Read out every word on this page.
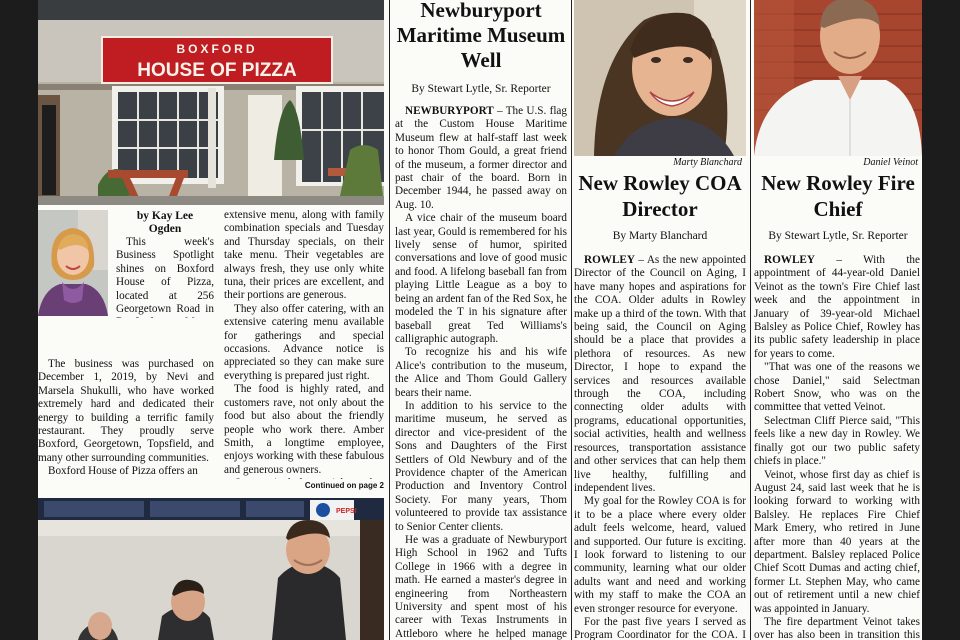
BOXFORD
HOUSE OF PIZZA
by Kay Lee
Ogden

This week's Business Spotlight shines on Boxford House of Pizza, located at 256 Georgetown Road in

The business was purchased on December 1, 2019, by Nevi and Marsela Shukulli, who have worked extremely hard and dedicated their energy to building a terrific family restaurant. They proudly serve Boxford, Georgetown, Topsfield, and many other surrounding communities.

Boxford House of Pizza offers an

extensive menu, along with family combination specials and Tuesday and Thursday specials, on their take menu. Their vegetables are always fresh, they use only white tuna, their prices are excellent, and their portions are generous.

They also offer catering, with an extensive catering menu available for gatherings and special occasions. Advance notice is appreciated so they can make sure everything is prepared just right.

The food is highly rated, and customers rave, not only about the food but also about the friendly people who work there. Amber Smith, a longtime employee, enjoys working with these fabulous and generous owners.

Continued on page 2
PEPSI
Newburyport Maritime Museum Well
By Stewart Lytle, Sr. Reporter

NEWBURYPORT – The U.S. flag at the Custom House Maritime Museum flew at half-staff last week to honor Thom Gould, a great friend of the museum, a former director and past chair of the board. Born in December 1944, he passed away on Aug. 10.

A vice chair of the museum board last year, Gould is remembered for his lively sense of humor, spirited conversations and love of good music and food. A lifelong baseball fan from playing Little League as a boy to being an ardent fan of the Red Sox, he modeled the T in his signature after baseball great Ted Williams's calligraphic autograph.

To recognize his and his wife Alice's contribution to the museum, the Alice and Thom Gould Gallery bears their name.

In addition to his service to the maritime museum, he served as director and vice-president of the Sons and Daughters of the First Settlers of Old Newbury and of the Providence chapter of the American Production and Inventory Control Society. For many years, Thom volunteered to provide tax assistance to Senior Center clients.

He was a graduate of Newburyport High School in 1962 and Tufts College in 1966 with a degree in math. He earned a master's degree in engineering from Northeastern University and spent most of his career with Texas Instruments in Attleboro where he helped manage

Marty Blanchard
New Rowley COA Director
By Marty Blanchard

ROWLEY – As the new appointed Director of the Council on Aging, I have many hopes and aspirations for the COA. Older adults in Rowley make up a third of the town. With that being said, the Council on Aging should be a place that provides a plethora of resources. As new Director, I hope to expand the services and resources available through the COA, including connecting older adults with programs, educational opportunities, social activities, health and wellness resources, transportation assistance and other services that can help them live healthy, fulfilling and independent lives.

My goal for the Rowley COA is for it to be a place where every older adult feels welcome, heard, valued and supported. Our future is exciting. I look forward to listening to our community, learning what our older adults want and need and working with my staff to make the COA an even stronger resource for everyone.

For the past five years I served as Program Coordinator for the COA. I

Daniel Veinot
New Rowley Fire Chief
By Stewart Lytle, Sr. Reporter

ROWLEY – With the appointment of 44-year-old Daniel Veinot as the town's Fire Chief last week and the appointment in January of 39-year-old Michael Balsley as Police Chief, Rowley has its public safety leadership in place for years to come.

"That was one of the reasons we chose Daniel," said Selectman Robert Snow, who was on the committee that vetted Veinot.

Selectman Cliff Pierce said, "This feels like a new day in Rowley. We finally got our two public safety chiefs in place."

Veinot, whose first day as chief is August 24, said last week that he is looking forward to working with Balsley. He replaces Fire Chief Mark Emery, who retired in June after more than 40 years at the department. Balsley replaced Police Chief Scott Dumas and acting chief, former Lt. Stephen May, who came out of retirement until a new chief was appointed in January.

The fire department Veinot takes over has also been in transition this
